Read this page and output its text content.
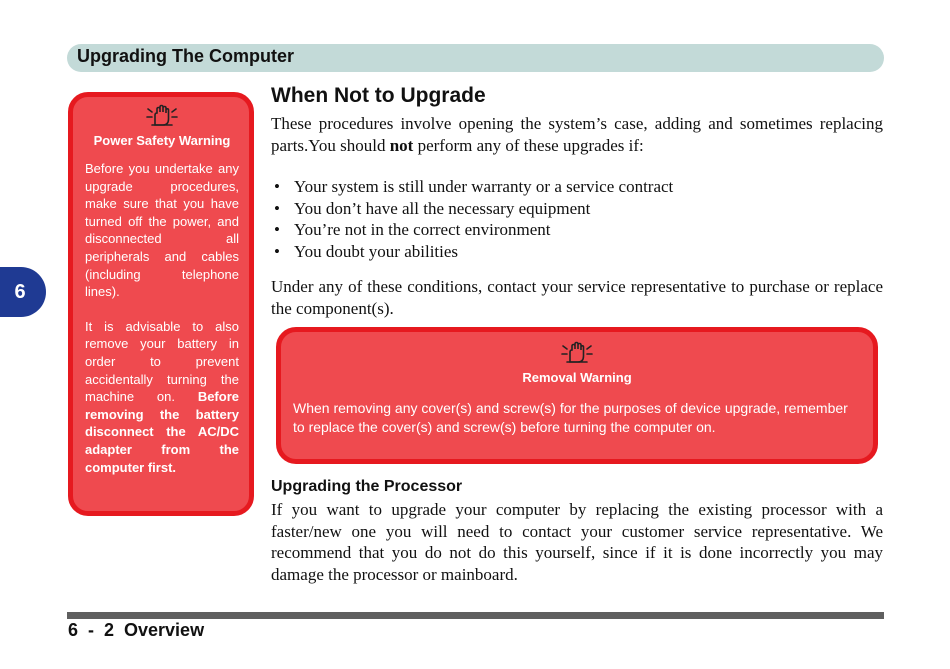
Upgrading The Computer
6
Power Safety Warning

Before you undertake any upgrade procedures, make sure that you have turned off the power, and disconnected all peripherals and cables (including telephone lines).

It is advisable to also remove your battery in order to prevent accidentally turning the machine on. Before removing the battery disconnect the AC/DC adapter from the computer first.

When Not to Upgrade

These procedures involve opening the system’s case, adding and sometimes replacing parts.You should not perform any of these upgrades if:

• Your system is still under warranty or a service contract
• You don’t have all the necessary equipment
• You’re not in the correct environment
• You doubt your abilities

Under any of these conditions, contact your service representative to purchase or replace the component(s).

Removal Warning

When removing any cover(s) and screw(s) for the purposes of device upgrade, remember to replace the cover(s) and screw(s) before turning the computer on.

Upgrading the Processor

If you want to upgrade your computer by replacing the existing processor with a faster/new one you will need to contact your customer service representative. We recommend that you do not do this yourself, since if it is done incorrectly you may damage the processor or mainboard.

6  -  2  Overview
